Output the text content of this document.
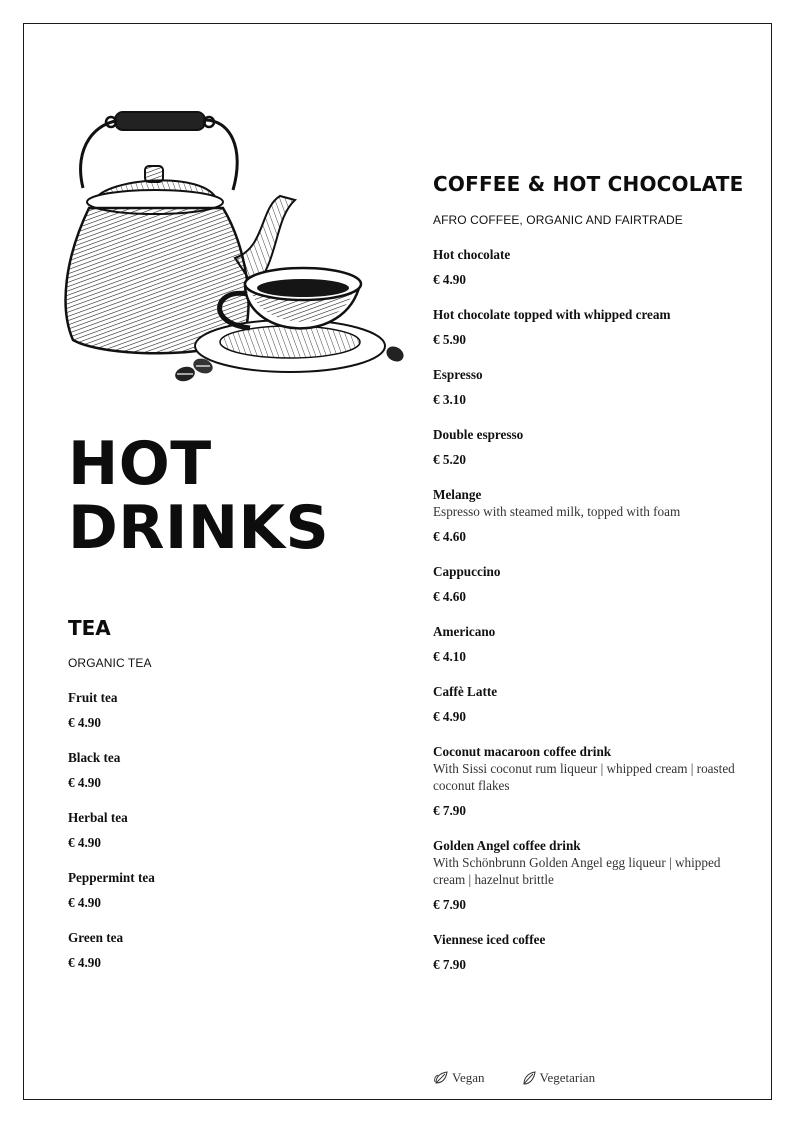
HOT
DRINKS
TEA
ORGANIC TEA
Fruit tea
€ 4.90
Black tea
€ 4.90
Herbal tea
€ 4.90
Peppermint tea
€ 4.90
Green tea
€ 4.90
COFFEE & HOT CHOCOLATE
AFRO COFFEE, ORGANIC AND FAIRTRADE
Hot chocolate
€ 4.90
Hot chocolate topped with whipped cream
€ 5.90
Espresso
€ 3.10
Double espresso
€ 5.20
Melange
Espresso with steamed milk, topped with foam
€ 4.60
Cappuccino
€ 4.60
Americano
€ 4.10
Caffè Latte
€ 4.90
Coconut macaroon coffee drink
With Sissi coconut rum liqueur | whipped cream | roasted coconut flakes
€ 7.90
Golden Angel coffee drink
With Schönbrunn Golden Angel egg liqueur | whipped cream | hazelnut brittle
€ 7.90
Viennese iced coffee
€ 7.90
Vegan	Vegetarian
